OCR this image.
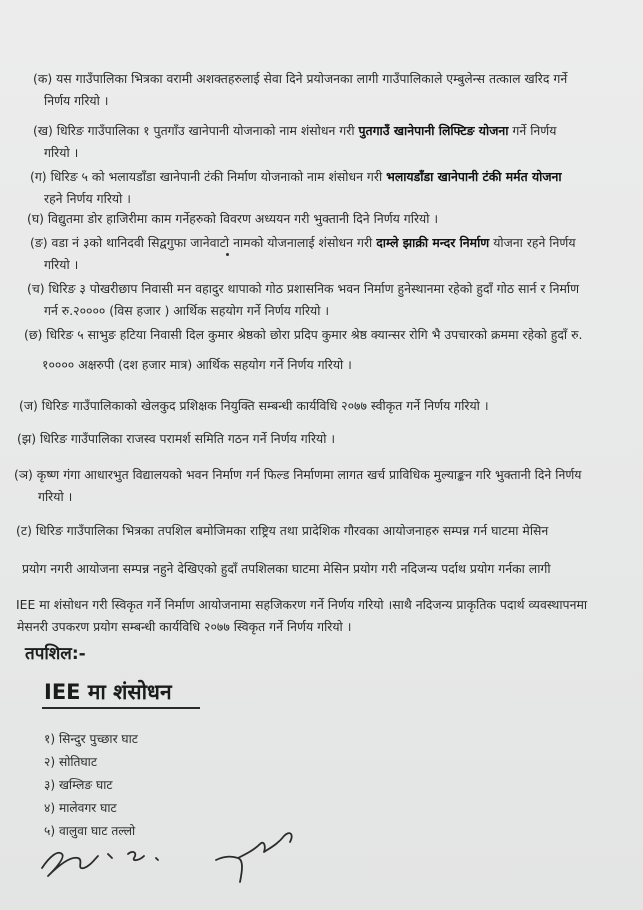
(क) यस गाउँपालिका भित्रका वरामी अशक्तहरुलाई सेवा दिने प्रयोजनका लागी गाउँपालिकाले एम्बुलेन्स तत्काल खरिद गर्ने
निर्णय गरियो ।
(ख) धिरिङ गाउँपालिका १ पुतगाँउ खानेपानी योजनाको नाम शंसोधन गरी पुतगाउँ खानेपानी लिफ्टिङ योजना गर्ने निर्णय
गरियो ।
(ग) धिरिङ ५ को भलायडाँडा खानेपानी टंकी निर्माण योजनाको नाम शंसोधन गरी भलायडाँडा खानेपानी टंकी मर्मत योजना
रहने निर्णय गरियो ।
(घ) विद्युतमा डोर हाजिरीमा काम गर्नेहरुको विवरण अध्ययन गरी भुक्तानी दिने निर्णय गरियो ।
(ङ) वडा नं ३को थानिदवी सिद्वगुफा जानेवाटो नामको योजनालाई शंसोधन गरी दाम्ले झाक्री मन्दर निर्माण योजना रहने निर्णय
गरियो ।
(च) धिरिङ ३ पोखरीछाप निवासी मन वहादुर थापाको गोठ प्रशासनिक भवन निर्माण हुनेस्थानमा रहेको हुदाँ गोठ सार्न र निर्माण
गर्न रु.२०००० (विस हजार ) आर्थिक सहयोग गर्ने निर्णय गरियो ।
(छ) धिरिङ ५ साभुङ हटिया निवासी दिल कुमार श्रेष्ठको छोरा प्रदिप कुमार श्रेष्ठ क्यान्सर रोगि भै उपचारको क्रममा रहेको हुदाँ रु.
१०००० अक्षरुपी (दश हजार मात्र) आर्थिक सहयोग गर्ने निर्णय गरियो ।
(ज) धिरिङ गाउँपालिकाको खेलकुद प्रशिक्षक नियुक्ति सम्बन्धी कार्यविधि २०७७ स्वीकृत गर्ने निर्णय गरियो ।
(झ) धिरिङ गाउँपालिका राजस्व परामर्श समिति गठन गर्ने निर्णय गरियो ।
(ञ) कृष्ण गंगा आधारभुत विद्यालयको भवन निर्माण गर्न फिल्ड निर्माणमा लागत खर्च प्राविधिक मुल्याङ्कन गरि भुक्तानी दिने निर्णय
गरियो ।
(ट) धिरिङ गाउँपालिका भित्रका तपशिल बमोजिमका राष्ट्रिय तथा प्रादेशिक गौरवका आयोजनाहरु सम्पन्न गर्न घाटमा मेसिन
प्रयोग नगरी आयोजना सम्पन्न नहुने देखिएको हुदाँ तपशिलका घाटमा मेसिन प्रयोग गरी नदिजन्य पर्दाथ प्रयोग गर्नका लागी
IEE मा शंसोधन गरी स्विकृत गर्ने निर्माण आयोजनामा सहजिकरण गर्ने निर्णय गरियो ।साथै नदिजन्य प्राकृतिक पदार्थ व्यवस्थापनमा
मेसनरी उपकरण प्रयोग सम्बन्धी कार्यविधि २०७७ स्विकृत गर्ने निर्णय गरियो ।
तपशिल:-
IEE मा शंसोधन
१) सिन्दुर पुच्छार घाट
२) सोतिघाट
३) खम्लिङ घाट
४) मालेवगर घाट
५) वालुवा घाट तल्लो
